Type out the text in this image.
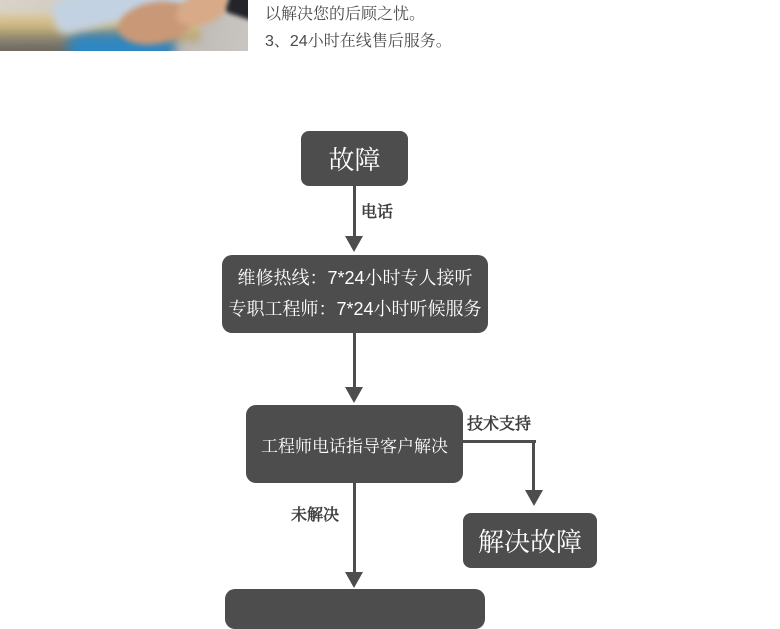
以解决您的后顾之忧。
3、24小时在线售后服务。
故障
电话
维修热线：7*24小时专人接听
专职工程师：7*24小时听候服务
工程师电话指导客户解决
技术支持
解决故障
未解决
